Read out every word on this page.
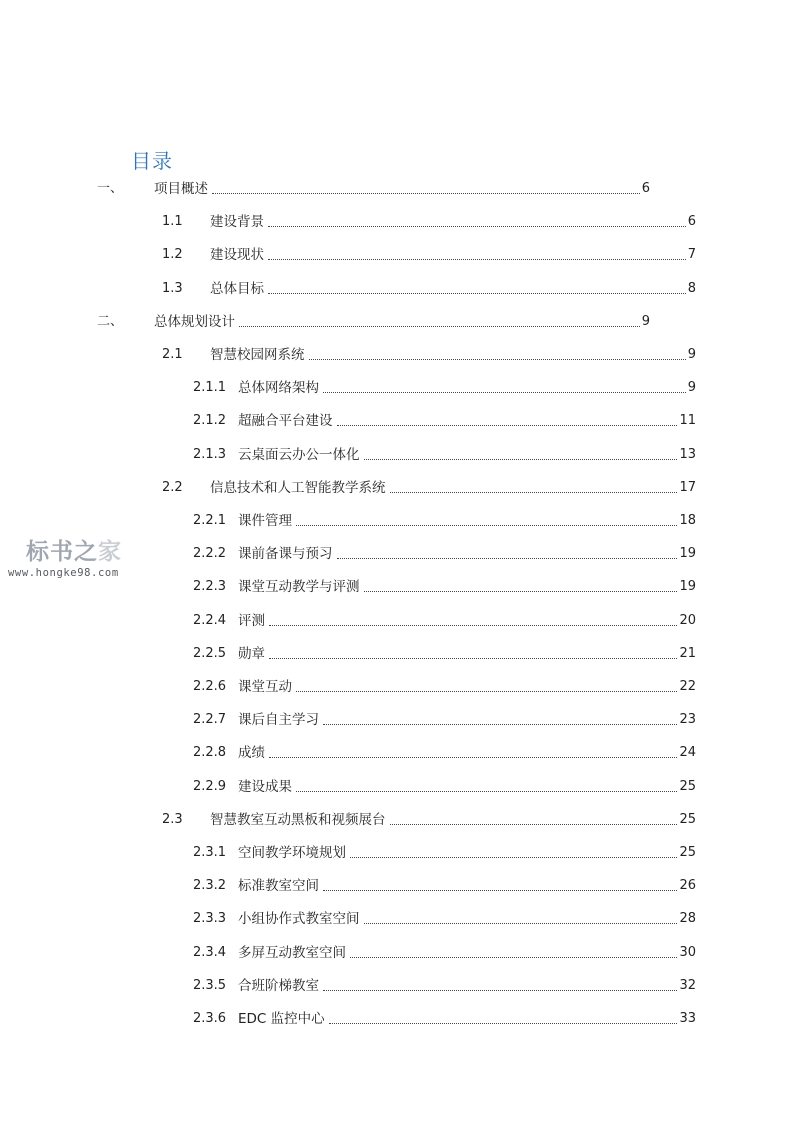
目录
一、	项目概述	6
1.1	建设背景	6
1.2	建设现状	7
1.3	总体目标	8
二、	总体规划设计	9
2.1	智慧校园网系统	9
2.1.1 总体网络架构	9
2.1.2 超融合平台建设	11
2.1.3 云桌面云办公一体化	13
2.2	信息技术和人工智能教学系统	17
2.2.1 课件管理	18
2.2.2 课前备课与预习	19
2.2.3 课堂互动教学与评测	19
2.2.4 评测	20
2.2.5 勋章	21
2.2.6 课堂互动	22
2.2.7 课后自主学习	23
2.2.8 成绩	24
2.2.9 建设成果	25
2.3	智慧教室互动黑板和视频展台	25
2.3.1 空间教学环境规划	25
2.3.2 标准教室空间	26
2.3.3 小组协作式教室空间	28
2.3.4 多屏互动教室空间	30
2.3.5 合班阶梯教室	32
2.3.6 EDC 监控中心	33
标书之家
www.hongke98.com
